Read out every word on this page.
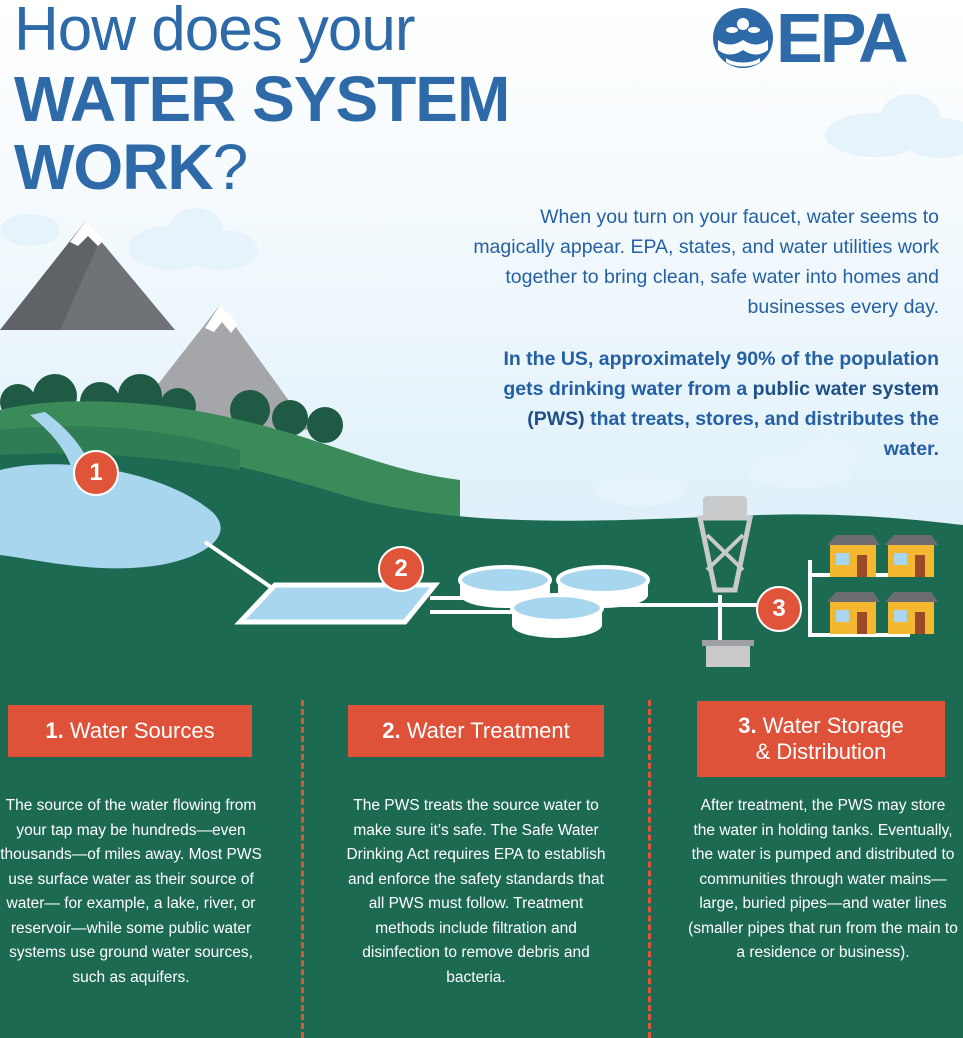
How does your
WATER SYSTEM
WORK?
EPA
When you turn on your faucet, water seems to magically appear. EPA, states, and water utilities work together to bring clean, safe water into homes and businesses every day.
In the US, approximately 90% of the population gets drinking water from a public water system (PWS) that treats, stores, and distributes the water.
1
2
3
1. Water Sources
The source of the water flowing from your tap may be hundreds—even thousands—of miles away. Most PWS use surface water as their source of water— for example, a lake, river, or reservoir—while some public water systems use ground water sources, such as aquifers.
2. Water Treatment
The PWS treats the source water to make sure it’s safe. The Safe Water Drinking Act requires EPA to establish and enforce the safety standards that all PWS must follow. Treatment methods include filtration and disinfection to remove debris and bacteria.
3. Water Storage
& Distribution
After treatment, the PWS may store the water in holding tanks. Eventually, the water is pumped and distributed to communities through water mains—large, buried pipes—and water lines (smaller pipes that run from the main to a residence or business).
